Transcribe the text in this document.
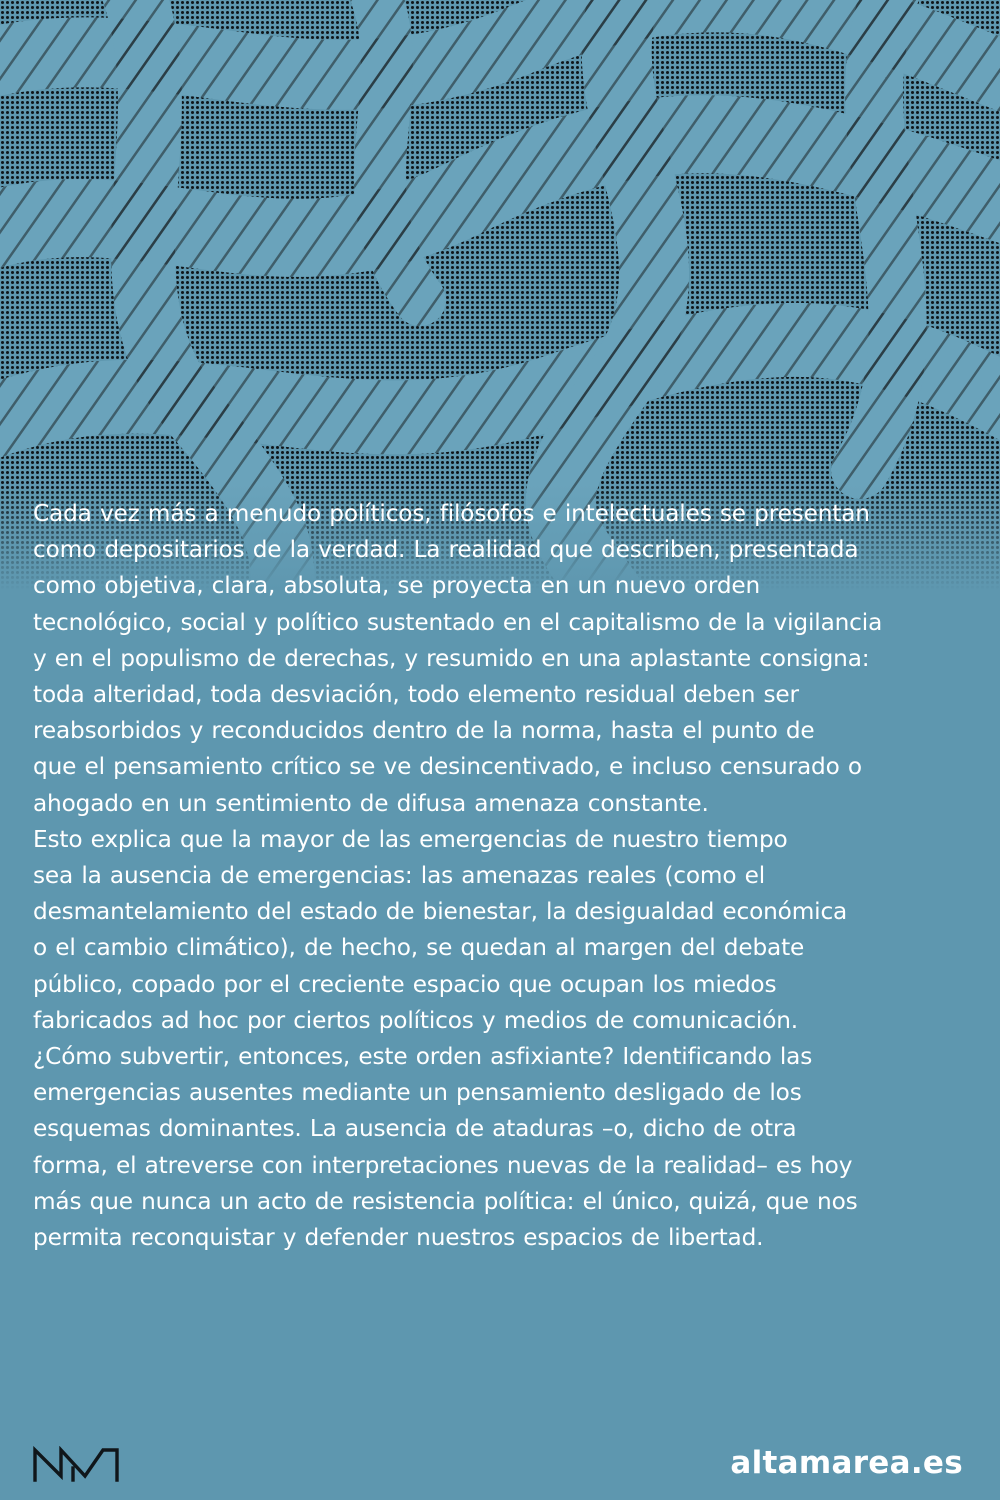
Cada vez más a menudo políticos, filósofos e intelectuales se presentan
como depositarios de la verdad. La realidad que describen, presentada
como objetiva, clara, absoluta, se proyecta en un nuevo orden
tecnológico, social y político sustentado en el capitalismo de la vigilancia
y en el populismo de derechas, y resumido en una aplastante consigna:
toda alteridad, toda desviación, todo elemento residual deben ser
reabsorbidos y reconducidos dentro de la norma, hasta el punto de
que el pensamiento crítico se ve desincentivado, e incluso censurado o
ahogado en un sentimiento de difusa amenaza constante.
Esto explica que la mayor de las emergencias de nuestro tiempo
sea la ausencia de emergencias: las amenazas reales (como el
desmantelamiento del estado de bienestar, la desigualdad económica
o el cambio climático), de hecho, se quedan al margen del debate
público, copado por el creciente espacio que ocupan los miedos
fabricados ad hoc por ciertos políticos y medios de comunicación.
¿Cómo subvertir, entonces, este orden asfixiante? Identificando las
emergencias ausentes mediante un pensamiento desligado de los
esquemas dominantes. La ausencia de ataduras –o, dicho de otra
forma, el atreverse con interpretaciones nuevas de la realidad– es hoy
más que nunca un acto de resistencia política: el único, quizá, que nos
permita reconquistar y defender nuestros espacios de libertad.
altamarea.es
